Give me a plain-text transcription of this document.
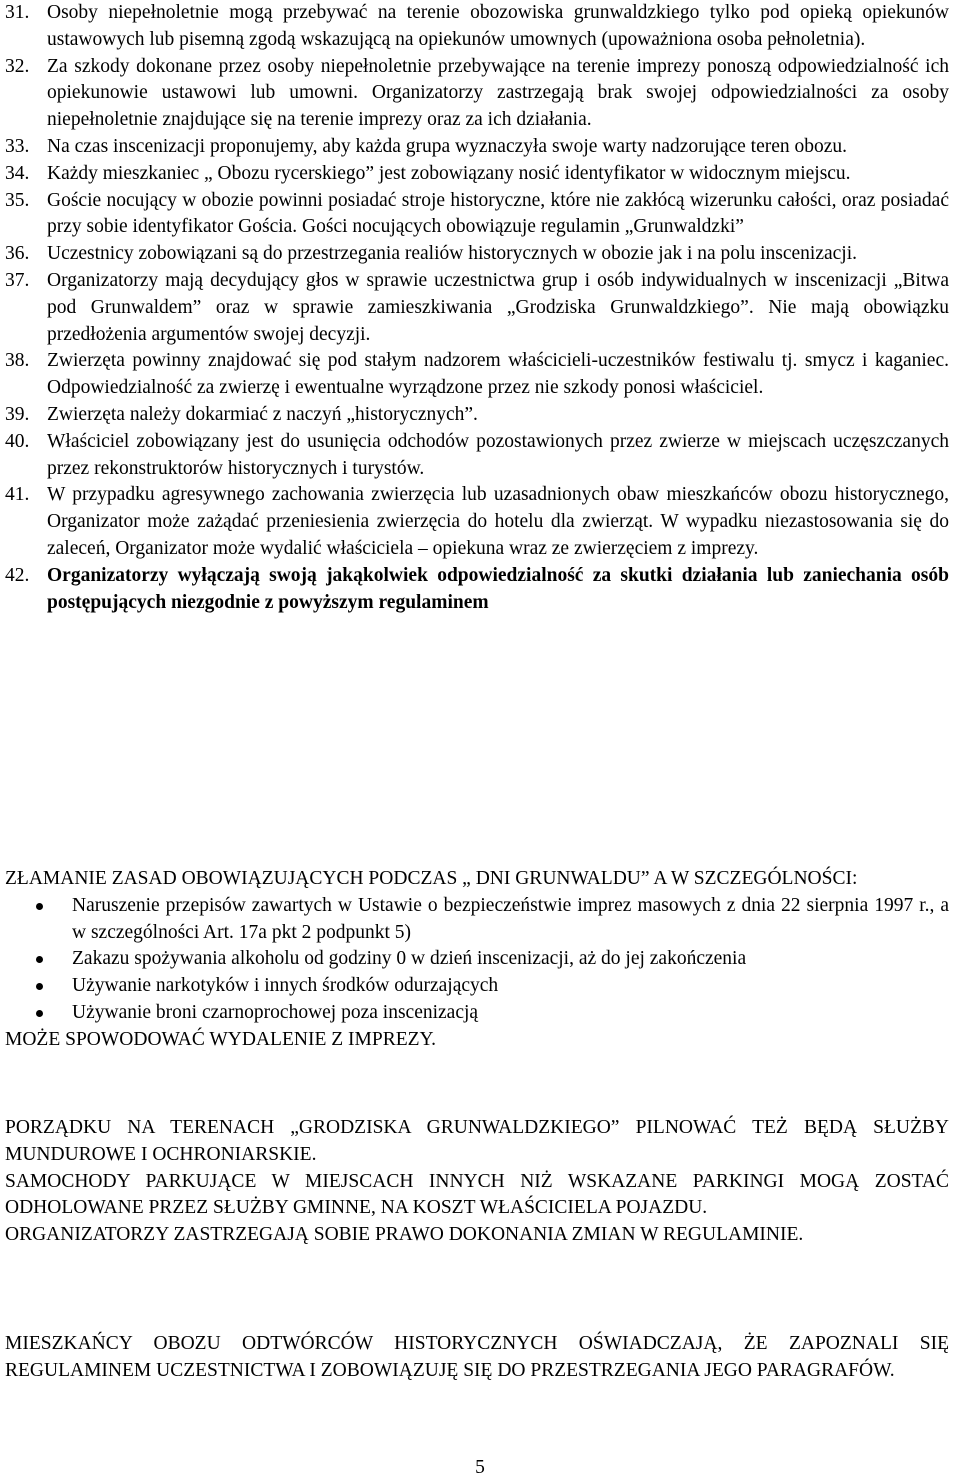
31. Osoby niepełnoletnie mogą przebywać na terenie obozowiska grunwaldzkiego tylko pod opieką opiekunów ustawowych lub pisemną zgodą wskazującą na opiekunów umownych (upoważniona osoba pełnoletnia).
32. Za szkody dokonane przez osoby niepełnoletnie przebywające na terenie imprezy ponoszą odpowiedzialność ich opiekunowie ustawowi lub umowni. Organizatorzy zastrzegają brak swojej odpowiedzialności za osoby niepełnoletnie znajdujące się na terenie imprezy oraz za ich działania.
33. Na czas inscenizacji proponujemy, aby każda grupa wyznaczyła swoje warty nadzorujące teren obozu.
34. Każdy mieszkaniec „ Obozu rycerskiego” jest zobowiązany nosić identyfikator w widocznym miejscu.
35. Goście nocujący w obozie powinni posiadać stroje historyczne, które nie zakłócą wizerunku całości, oraz posiadać przy sobie identyfikator Gościa. Gości nocujących obowiązuje regulamin „Grunwaldzki”
36. Uczestnicy zobowiązani są do przestrzegania realiów historycznych w obozie jak i na polu inscenizacji.
37. Organizatorzy mają decydujący głos w sprawie uczestnictwa grup i osób indywidualnych w inscenizacji „Bitwa pod Grunwaldem” oraz w sprawie zamieszkiwania „Grodziska Grunwaldzkiego”. Nie mają obowiązku przedłożenia argumentów swojej decyzji.
38. Zwierzęta powinny znajdować się pod stałym nadzorem właścicieli-uczestników festiwalu tj. smycz i kaganiec. Odpowiedzialność za zwierzę i ewentualne wyrządzone przez nie szkody ponosi właściciel.
39. Zwierzęta należy dokarmiać z naczyń „historycznych”.
40. Właściciel zobowiązany jest do usunięcia odchodów pozostawionych przez zwierze w miejscach uczęszczanych przez rekonstruktorów historycznych i turystów.
41. W przypadku agresywnego zachowania zwierzęcia lub uzasadnionych obaw mieszkańców obozu historycznego, Organizator może zażądać przeniesienia zwierzęcia do hotelu dla zwierząt. W wypadku niezastosowania się do zaleceń, Organizator może wydalić właściciela – opiekuna wraz ze zwierzęciem z imprezy.
42. Organizatorzy wyłączają swoją jakąkolwiek odpowiedzialność za skutki działania lub zaniechania osób postępujących niezgodnie z powyższym regulaminem

ZŁAMANIE ZASAD OBOWIĄZUJĄCYCH PODCZAS „ DNI GRUNWALDU” A W SZCZEGÓLNOŚCI:

Naruszenie przepisów zawartych w Ustawie o bezpieczeństwie imprez masowych z dnia 22 sierpnia 1997 r., a w szczególności Art. 17a pkt 2 podpunkt 5)
Zakazu spożywania alkoholu od godziny 0 w dzień inscenizacji, aż do jej zakończenia
Używanie narkotyków i innych środków odurzających
Używanie broni czarnoprochowej poza inscenizacją

MOŻE SPOWODOWAĆ WYDALENIE Z IMPREZY.

PORZĄDKU NA TERENACH „GRODZISKA GRUNWALDZKIEGO” PILNOWAĆ TEŻ BĘDĄ SŁUŻBY MUNDUROWE I OCHRONIARSKIE.

SAMOCHODY PARKUJĄCE W MIEJSCACH INNYCH NIŻ WSKAZANE PARKINGI MOGĄ ZOSTAĆ ODHOLOWANE PRZEZ SŁUŻBY GMINNE, NA KOSZT WŁAŚCICIELA POJAZDU.

ORGANIZATORZY ZASTRZEGAJĄ SOBIE PRAWO DOKONANIA ZMIAN W REGULAMINIE.

MIESZKAŃCY OBOZU ODTWÓRCÓW HISTORYCZNYCH OŚWIADCZAJĄ, ŻE ZAPOZNALI SIĘ REGULAMINEM UCZESTNICTWA I ZOBOWIĄZUJĘ SIĘ DO PRZESTRZEGANIA JEGO PARAGRAFÓW.

5
